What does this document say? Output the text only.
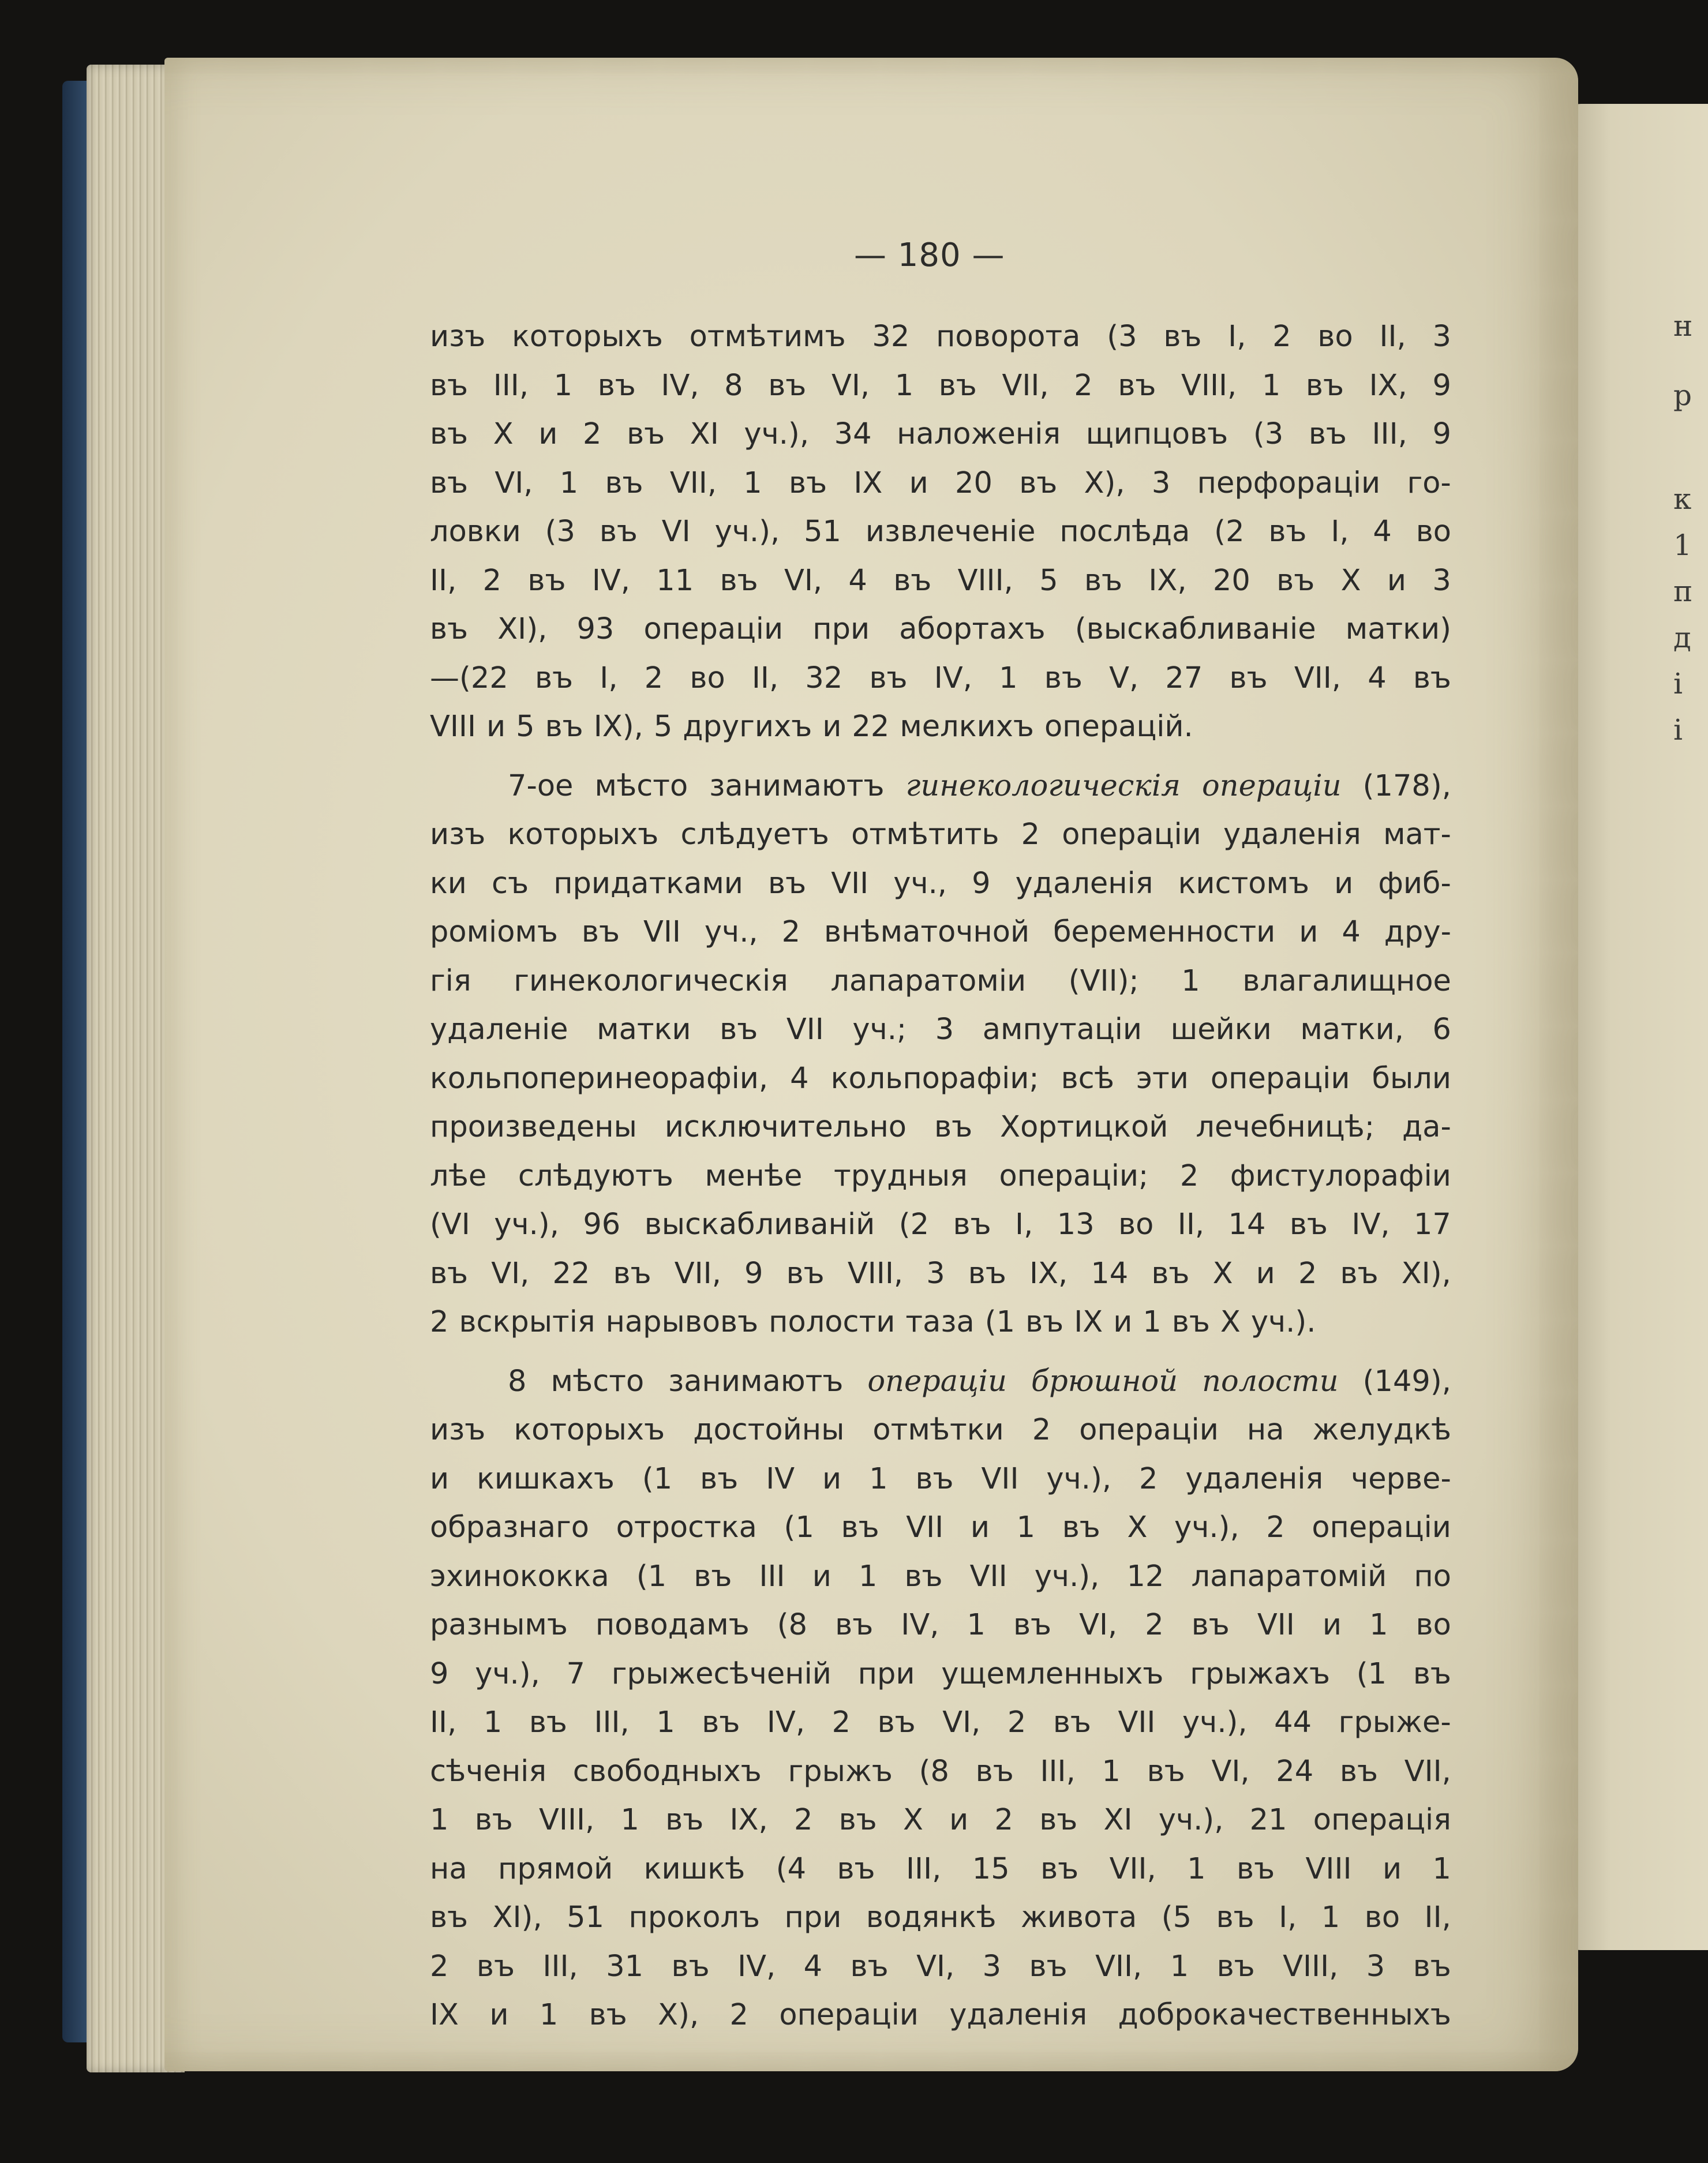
н
р
к
1
п
д
і
і
— 180 —
изъ которыхъ отмѣтимъ 32 поворота (3 въ I, 2 во II, 3
въ III, 1 въ IV, 8 въ VI, 1 въ VII, 2 въ VIII, 1 въ IX, 9
въ X и 2 въ XI уч.), 34 наложенія щипцовъ (3 въ III, 9
въ VI, 1 въ VII, 1 въ IX и 20 въ X), 3 перфораціи го-
ловки (3 въ VI уч.), 51 извлеченіе послѣда (2 въ I, 4 во
II, 2 въ IV, 11 въ VI, 4 въ VIII, 5 въ IX, 20 въ X и 3
въ XI), 93 операціи при абортахъ (выскабливаніе матки)
—(22 въ I, 2 во II, 32 въ IV, 1 въ V, 27 въ VII, 4 въ
VIII и 5 въ IX), 5 другихъ и 22 мелкихъ операцій.
7-ое мѣсто занимаютъ гинекологическія операціи (178),
изъ которыхъ слѣдуетъ отмѣтить 2 операціи удаленія мат-
ки съ придатками въ VII уч., 9 удаленія кистомъ и фиб-
ромiомъ въ VII уч., 2 внѣматочной беременности и 4 дру-
гія гинекологическія лапаратомiи (VII); 1 влагалищное
удаленіе матки въ VII уч.; 3 ампутаціи шейки матки, 6
кольпоперинеорафіи, 4 кольпорафіи; всѣ эти операціи были
произведены исключительно въ Хортицкой лечебницѣ; да-
лѣе слѣдуютъ менѣе трудныя операціи; 2 фистулорафіи
(VI уч.), 96 выскабливаній (2 въ I, 13 во II, 14 въ IV, 17
въ VI, 22 въ VII, 9 въ VIII, 3 въ IX, 14 въ X и 2 въ XI),
2 вскрытія нарывовъ полости таза (1 въ IX и 1 въ X уч.).
8 мѣсто занимаютъ операціи брюшной полости (149),
изъ которыхъ достойны отмѣтки 2 операціи на желудкѣ
и кишкахъ (1 въ IV и 1 въ VII уч.), 2 удаленія черве-
образнаго отростка (1 въ VII и 1 въ X уч.), 2 операціи
эхинококка (1 въ III и 1 въ VII уч.), 12 лапаратомій по
разнымъ поводамъ (8 въ IV, 1 въ VI, 2 въ VII и 1 во
9 уч.), 7 грыжесѣченій при ущемленныхъ грыжахъ (1 въ
II, 1 въ III, 1 въ IV, 2 въ VI, 2 въ VII уч.), 44 грыже-
сѣченія свободныхъ грыжъ (8 въ III, 1 въ VI, 24 въ VII,
1 въ VIII, 1 въ IX, 2 въ X и 2 въ XI уч.), 21 операція
на прямой кишкѣ (4 въ III, 15 въ VII, 1 въ VIII и 1
въ XI), 51 проколъ при водянкѣ живота (5 въ I, 1 во II,
2 въ III, 31 въ IV, 4 въ VI, 3 въ VII, 1 въ VIII, 3 въ
IX и 1 въ X), 2 операціи удаленія доброкачественныхъ
